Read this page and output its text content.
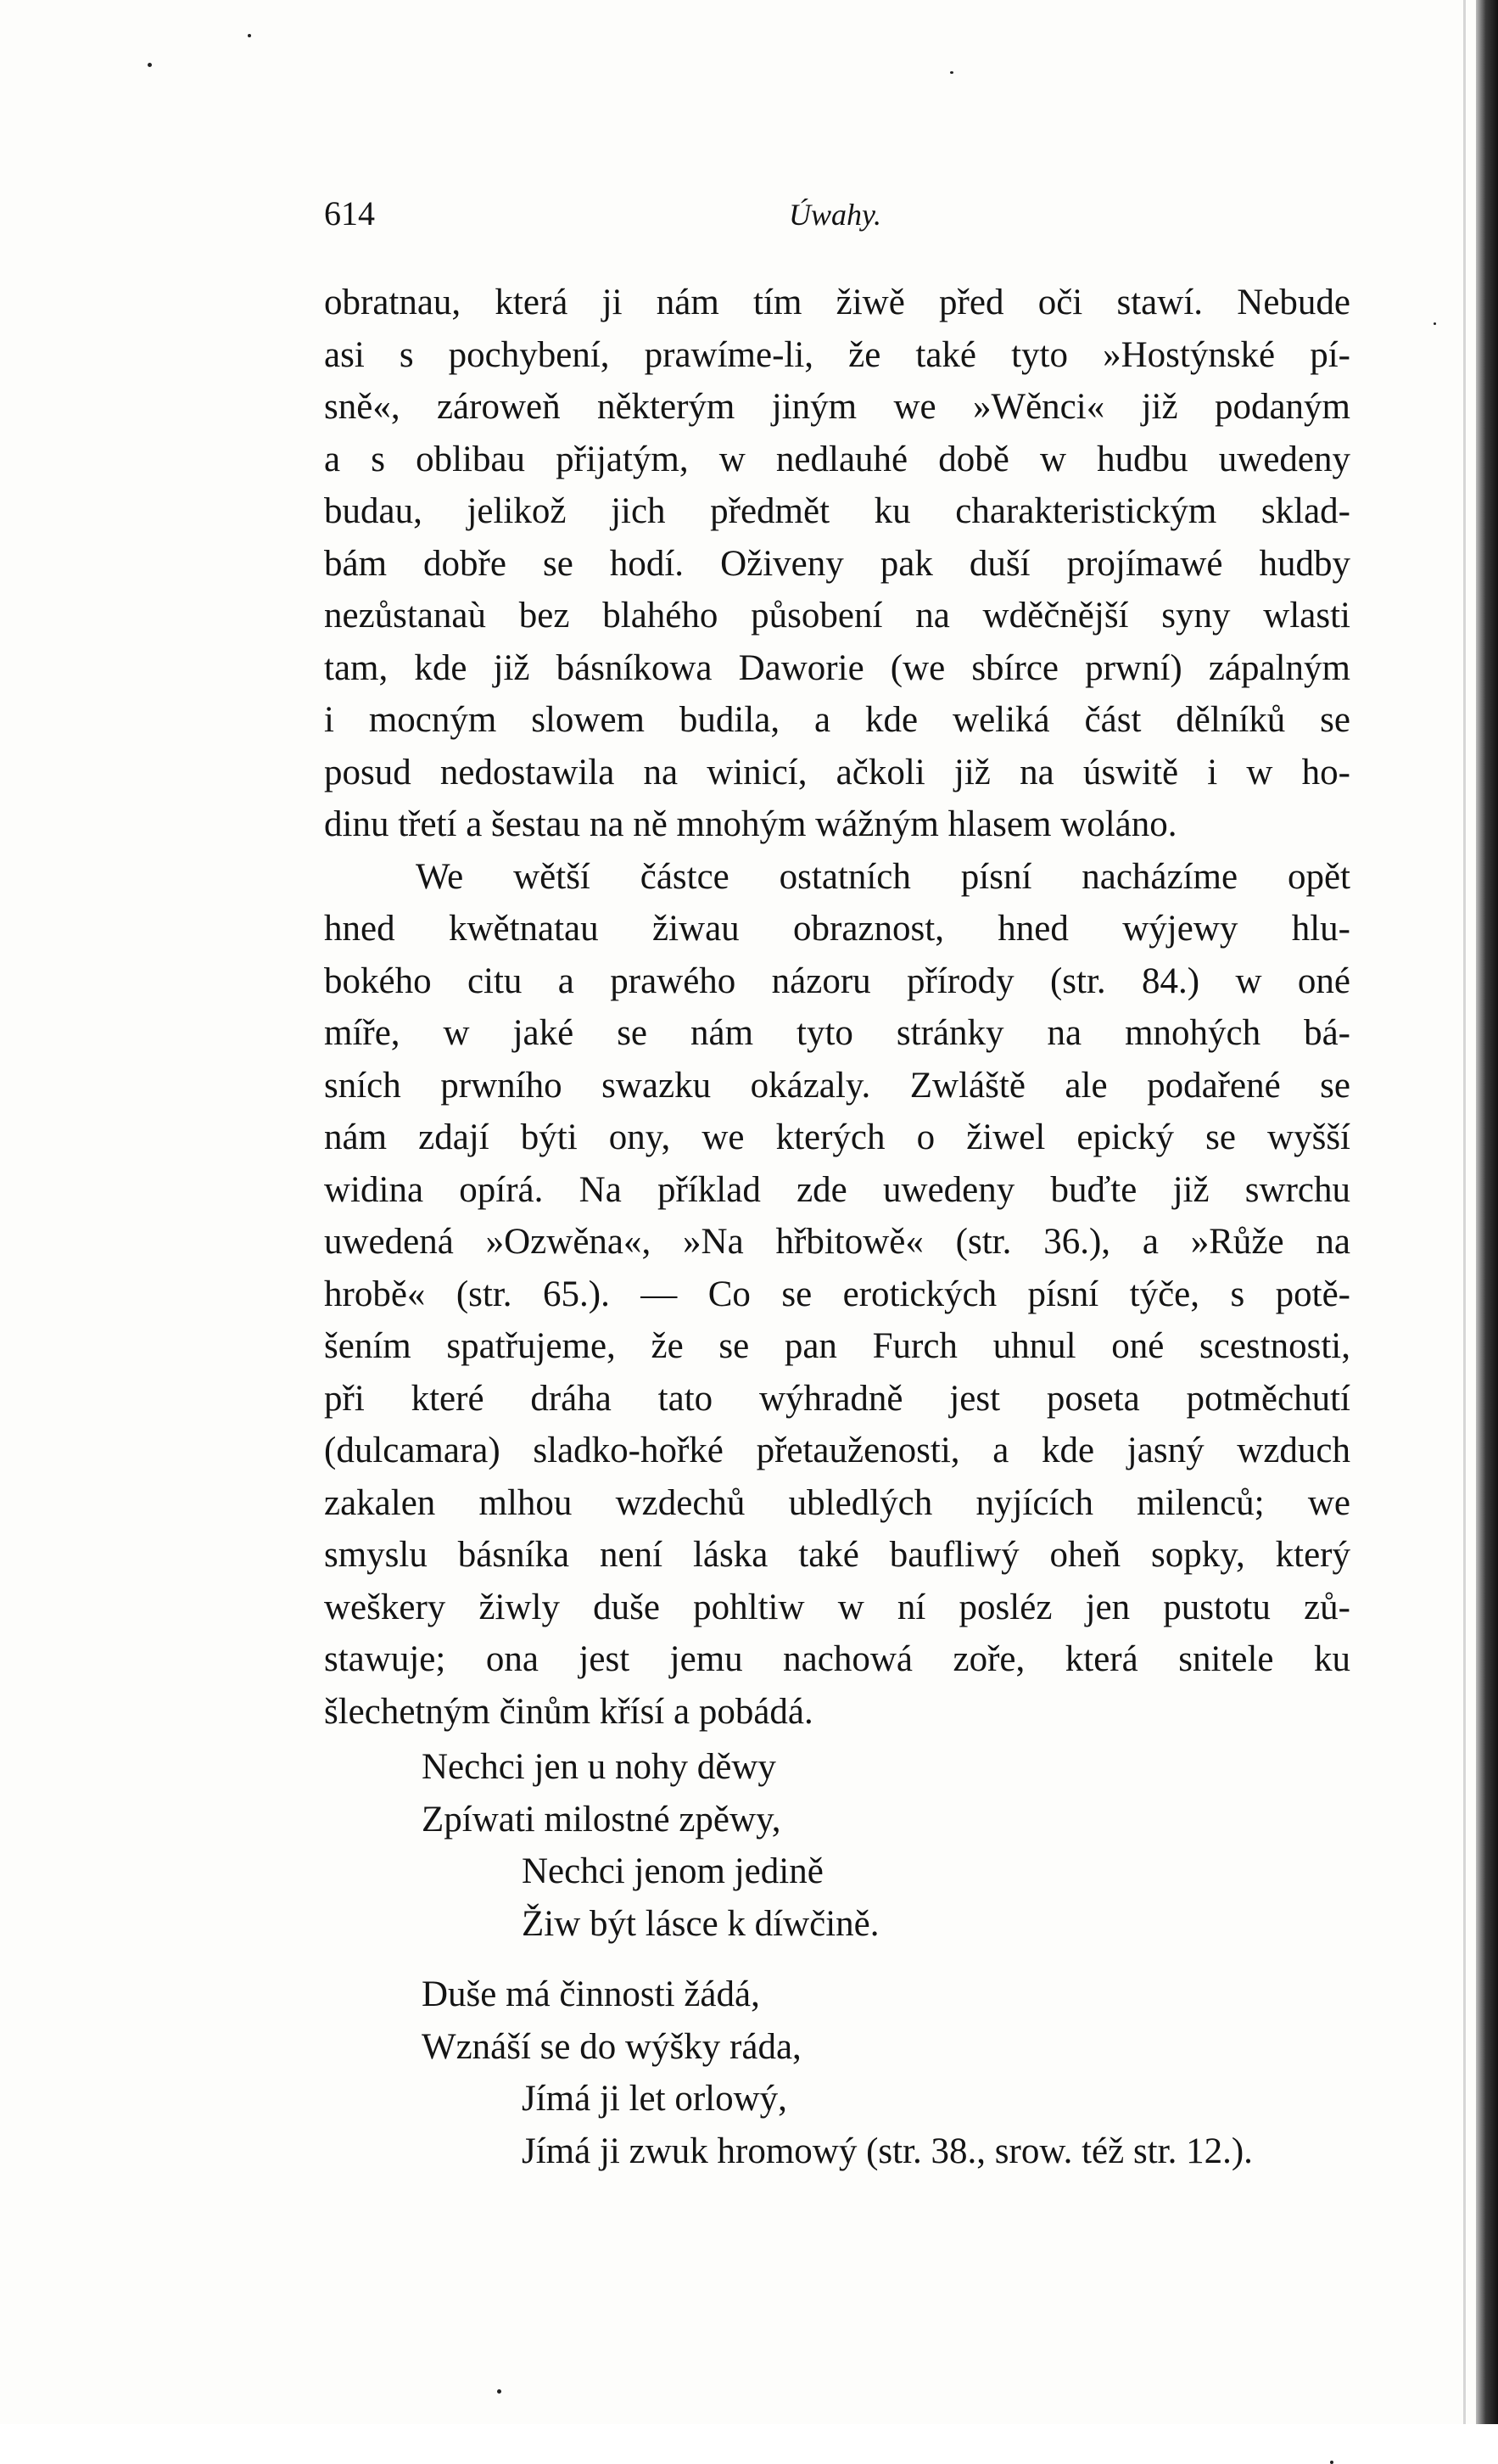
614	Úwahy.
obratnau, která ji nám tím žiwě před oči stawí. Nebude
asi s pochybení, prawíme-li, že také tyto »Hostýnské pí-
sně«, zároweň některým jiným we »Wěnci« již podaným
a s oblibau přijatým, w nedlauhé době w hudbu uwedeny
budau, jelikož jich předmět ku charakteristickým sklad-
bám dobře se hodí. Oživeny pak duší projímawé hudby
nezůstanaù bez blahého působení na wděčnější syny wlasti
tam, kde již básníkowa Daworie (we sbírce prwní) zápalným
i mocným slowem budila, a kde weliká část dělníků se
posud nedostawila na winicí, ačkoli již na úswitě i w ho-
dinu třetí a šestau na ně mnohým wážným hlasem woláno.
We wětší částce ostatních písní nacházíme opět
hned kwětnatau žiwau obraznost, hned wýjewy hlu-
bokého citu a prawého názoru přírody (str. 84.) w oné
míře, w jaké se nám tyto stránky na mnohých bá-
sních prwního swazku okázaly. Zwláště ale podařené se
nám zdají býti ony, we kterých o žiwel epický se wyšší
widina opírá. Na příklad zde uwedeny buďte již swrchu
uwedená »Ozwěna«, »Na hřbitowě« (str. 36.), a »Růže na
hrobě« (str. 65.). — Co se erotických písní týče, s potě-
šením spatřujeme, že se pan Furch uhnul oné scestnosti,
při které dráha tato wýhradně jest poseta potměchutí
(dulcamara) sladko-hořké přetauženosti, a kde jasný wzduch
zakalen mlhou wzdechů ubledlých nyjících milenců; we
smyslu básníka není láska také baufliwý oheň sopky, který
weškery žiwly duše pohltiw w ní posléz jen pustotu zů-
stawuje; ona jest jemu nachowá zoře, která snitele ku
šlechetným činům křísí a pobádá.
Nechci jen u nohy děwy
Zpíwati milostné zpěwy,
Nechci jenom jedině
Žiw být lásce k díwčině.
Duše má činnosti žádá,
Wznáší se do wýšky ráda,
Jímá ji let orlowý,
Jímá ji zwuk hromowý (str. 38., srow. též str. 12.).
